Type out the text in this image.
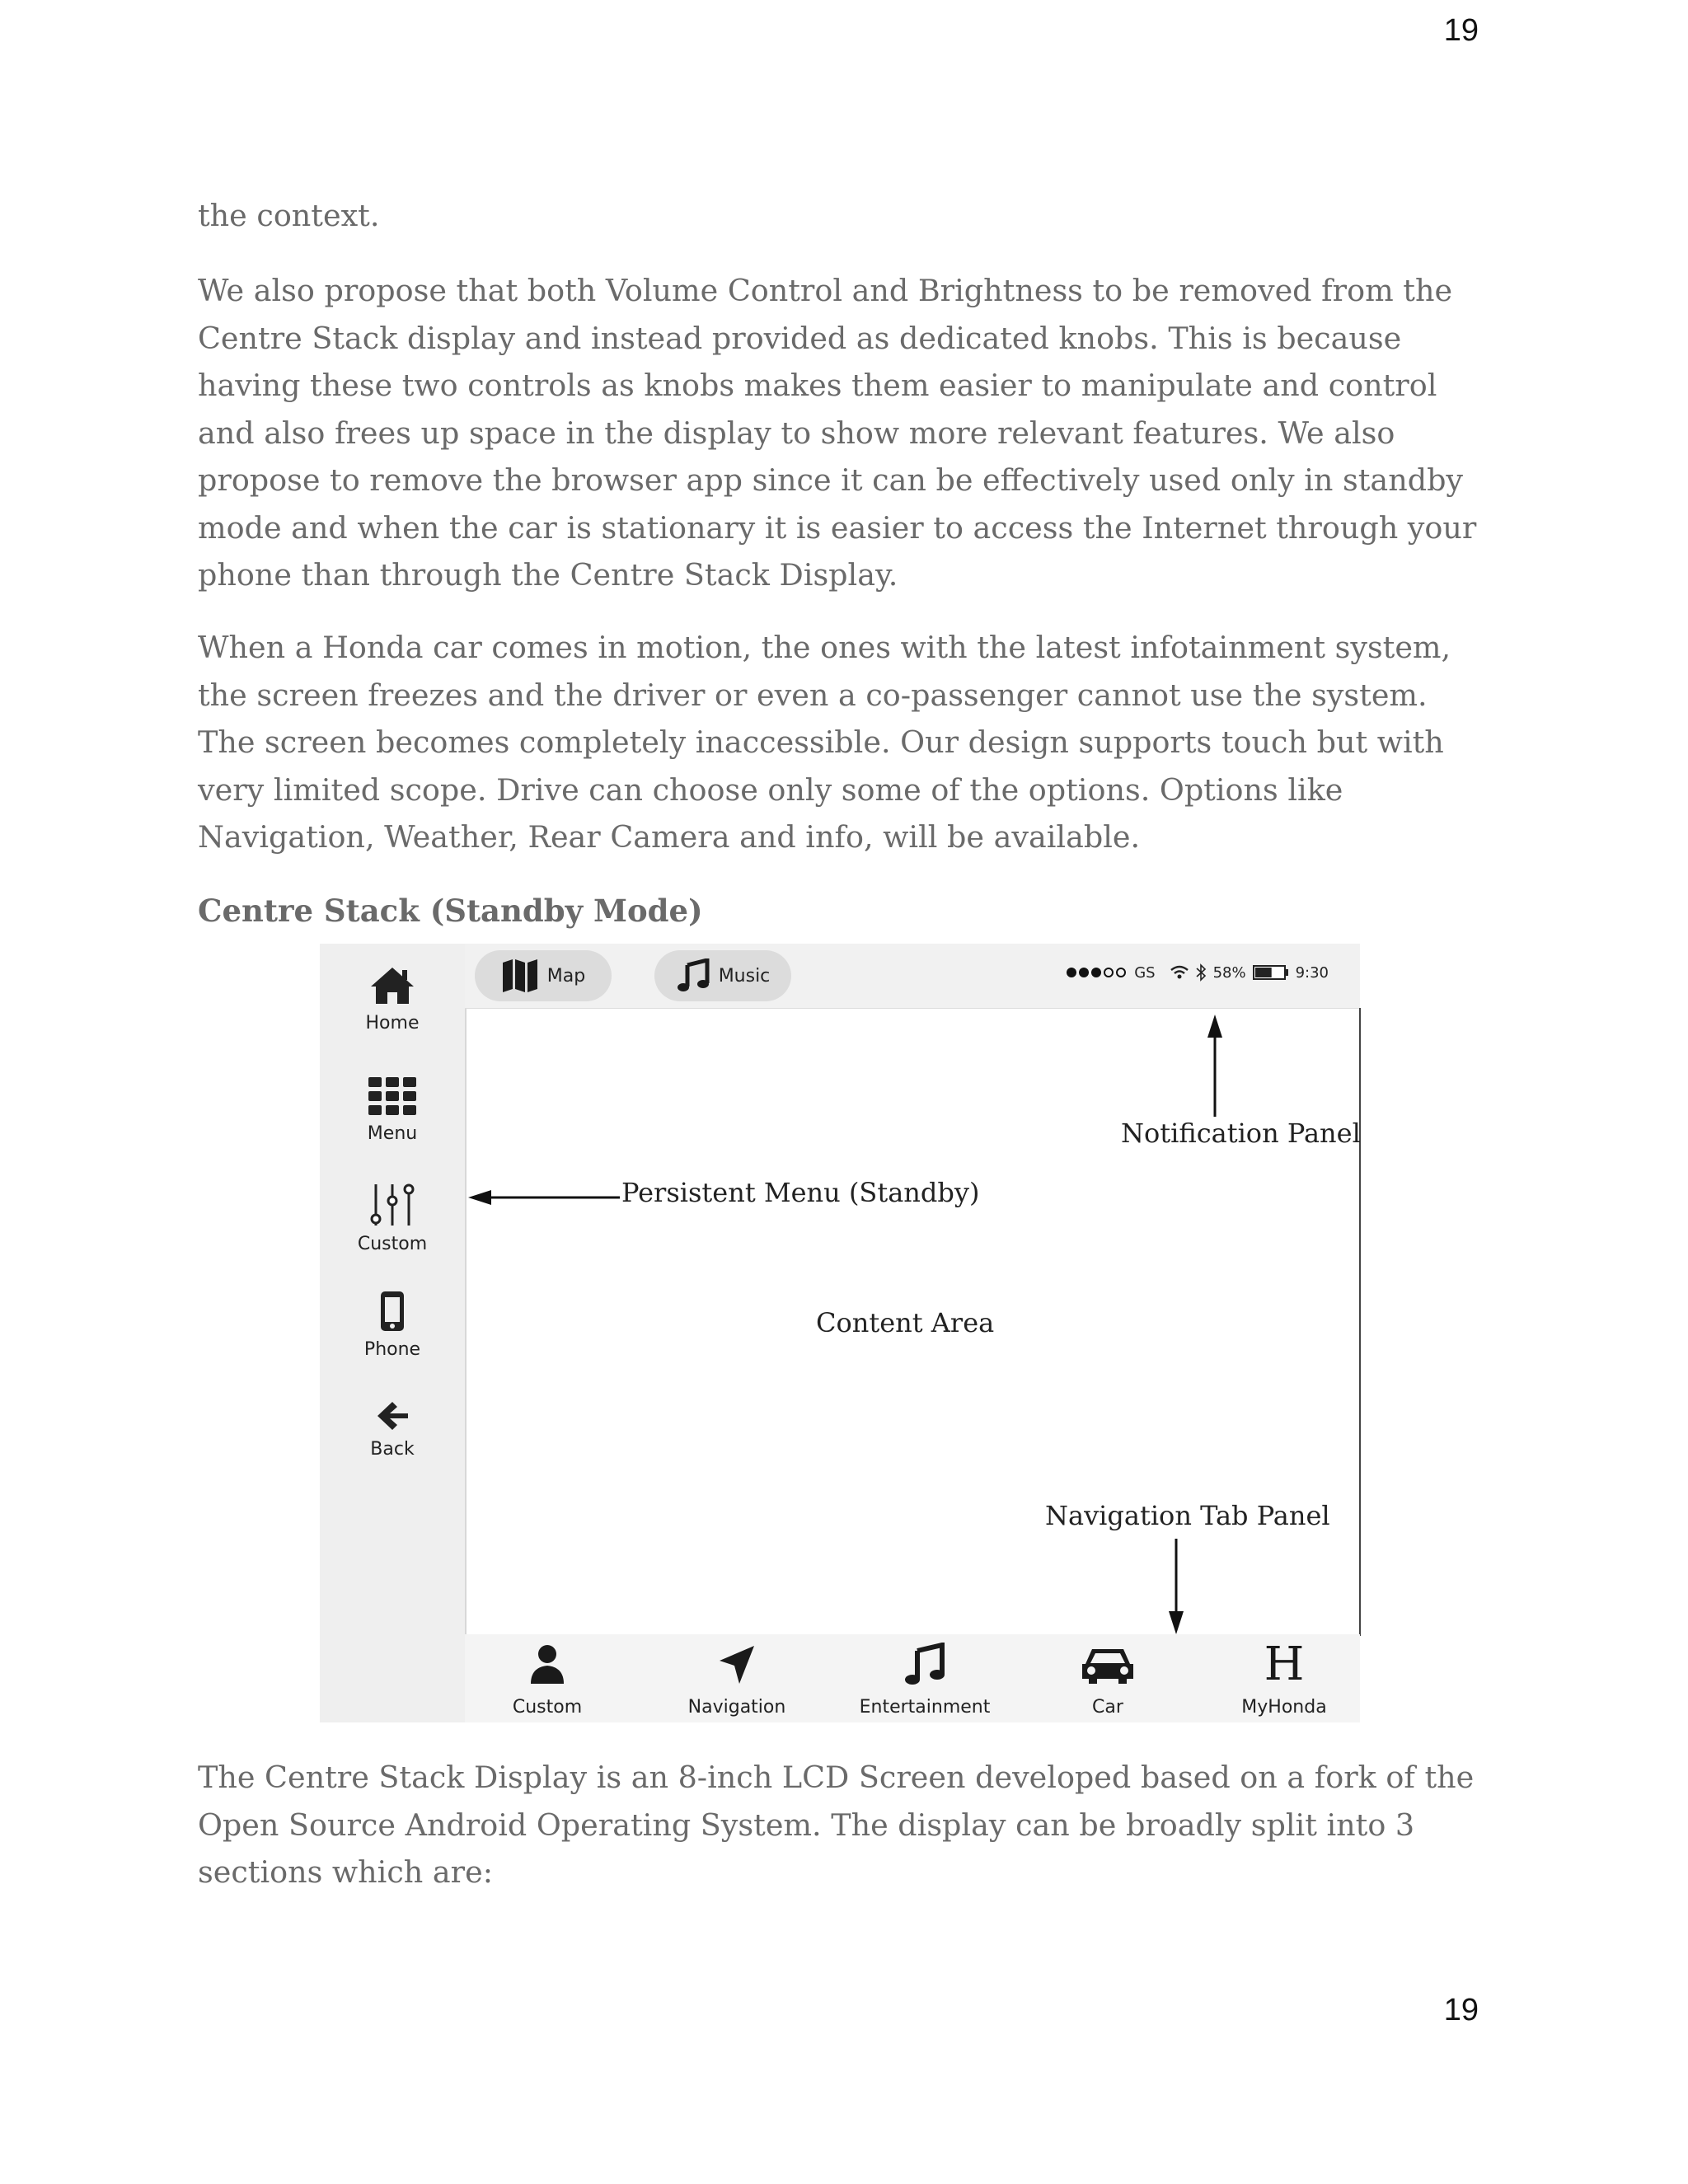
19

the context.

We also propose that both Volume Control and Brightness to be removed from the Centre Stack display and instead provided as dedicated knobs. This is because having these two controls as knobs makes them easier to manipulate and control and also frees up space in the display to show more relevant features. We also propose to remove the browser app since it can be effectively used only in standby mode and when the car is stationary it is easier to access the Internet through your phone than through the Centre Stack Display.

When a Honda car comes in motion, the ones with the latest infotainment system, the screen freezes and the driver or even a co-passenger cannot use the system. The screen becomes completely inaccessible. Our design supports touch but with very limited scope. Drive can choose only some of the options. Options like Navigation, Weather, Rear Camera and info, will be available.

Centre Stack (Standby Mode)
Home
Menu
Custom
Phone
Back
Map	Music	GS	58%	9:30
Notification Panel
Persistent Menu (Standby)
Content Area
Navigation Tab Panel
Custom	Navigation	Entertainment	Car
H
MyHonda

The Centre Stack Display is an 8-inch LCD Screen developed based on a fork of the Open Source Android Operating System. The display can be broadly split into 3 sections which are:

19
